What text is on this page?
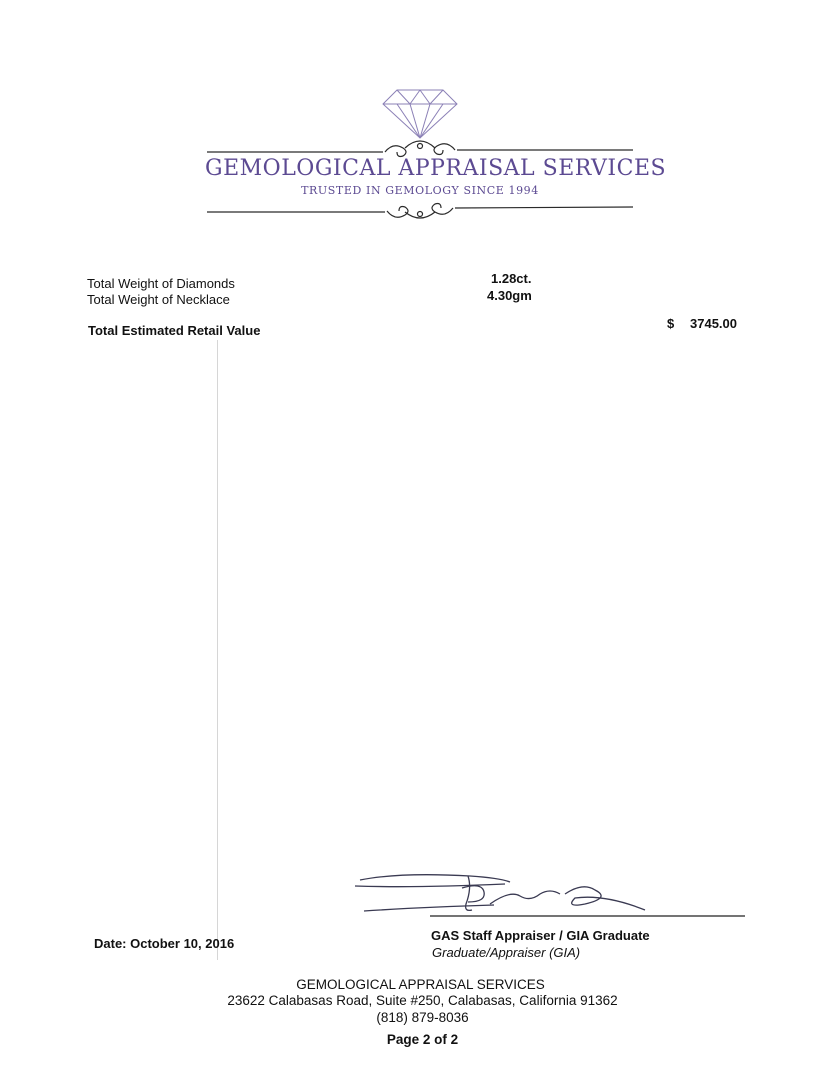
GEMOLOGICAL APPRAISAL SERVICES
TRUSTED IN GEMOLOGY SINCE 1994
Total Weight of Diamonds	1.28ct.
Total Weight of Necklace	4.30gm
Total Estimated Retail Value	$ 3745.00
Date: October 10, 2016
GAS Staff Appraiser / GIA Graduate
Graduate/Appraiser (GIA)
GEMOLOGICAL APPRAISAL SERVICES
23622 Calabasas Road, Suite #250, Calabasas, California 91362
(818) 879-8036
Page 2 of 2
